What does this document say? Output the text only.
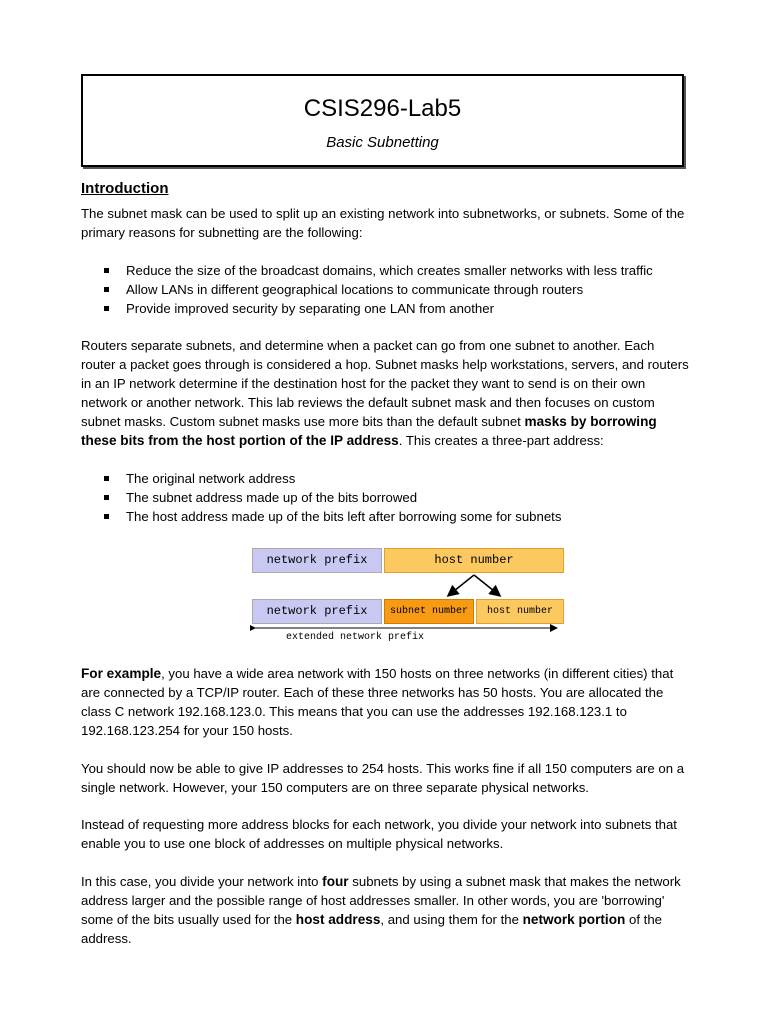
CSIS296-Lab5
Basic Subnetting
Introduction

The subnet mask can be used to split up an existing network into subnetworks, or subnets. Some of the primary reasons for subnetting are the following:

Reduce the size of the broadcast domains, which creates smaller networks with less traffic
Allow LANs in different geographical locations to communicate through routers
Provide improved security by separating one LAN from another

Routers separate subnets, and determine when a packet can go from one subnet to another. Each router a packet goes through is considered a hop. Subnet masks help workstations, servers, and routers in an IP network determine if the destination host for the packet they want to send is on their own network or another network. This lab reviews the default subnet mask and then focuses on custom subnet masks. Custom subnet masks use more bits than the default subnet masks by borrowing these bits from the host portion of the IP address. This creates a three-part address:

The original network address
The subnet address made up of the bits borrowed
The host address made up of the bits left after borrowing some for subnets
network prefix	host number
network prefix	subnet number	host number
extended network prefix

For example, you have a wide area network with 150 hosts on three networks (in different cities) that are connected by a TCP/IP router. Each of these three networks has 50 hosts. You are allocated the class C network 192.168.123.0. This means that you can use the addresses 192.168.123.1 to 192.168.123.254 for your 150 hosts.

You should now be able to give IP addresses to 254 hosts. This works fine if all 150 computers are on a single network. However, your 150 computers are on three separate physical networks.

Instead of requesting more address blocks for each network, you divide your network into subnets that enable you to use one block of addresses on multiple physical networks.

In this case, you divide your network into four subnets by using a subnet mask that makes the network address larger and the possible range of host addresses smaller. In other words, you are 'borrowing' some of the bits usually used for the host address, and using them for the network portion of the address.
